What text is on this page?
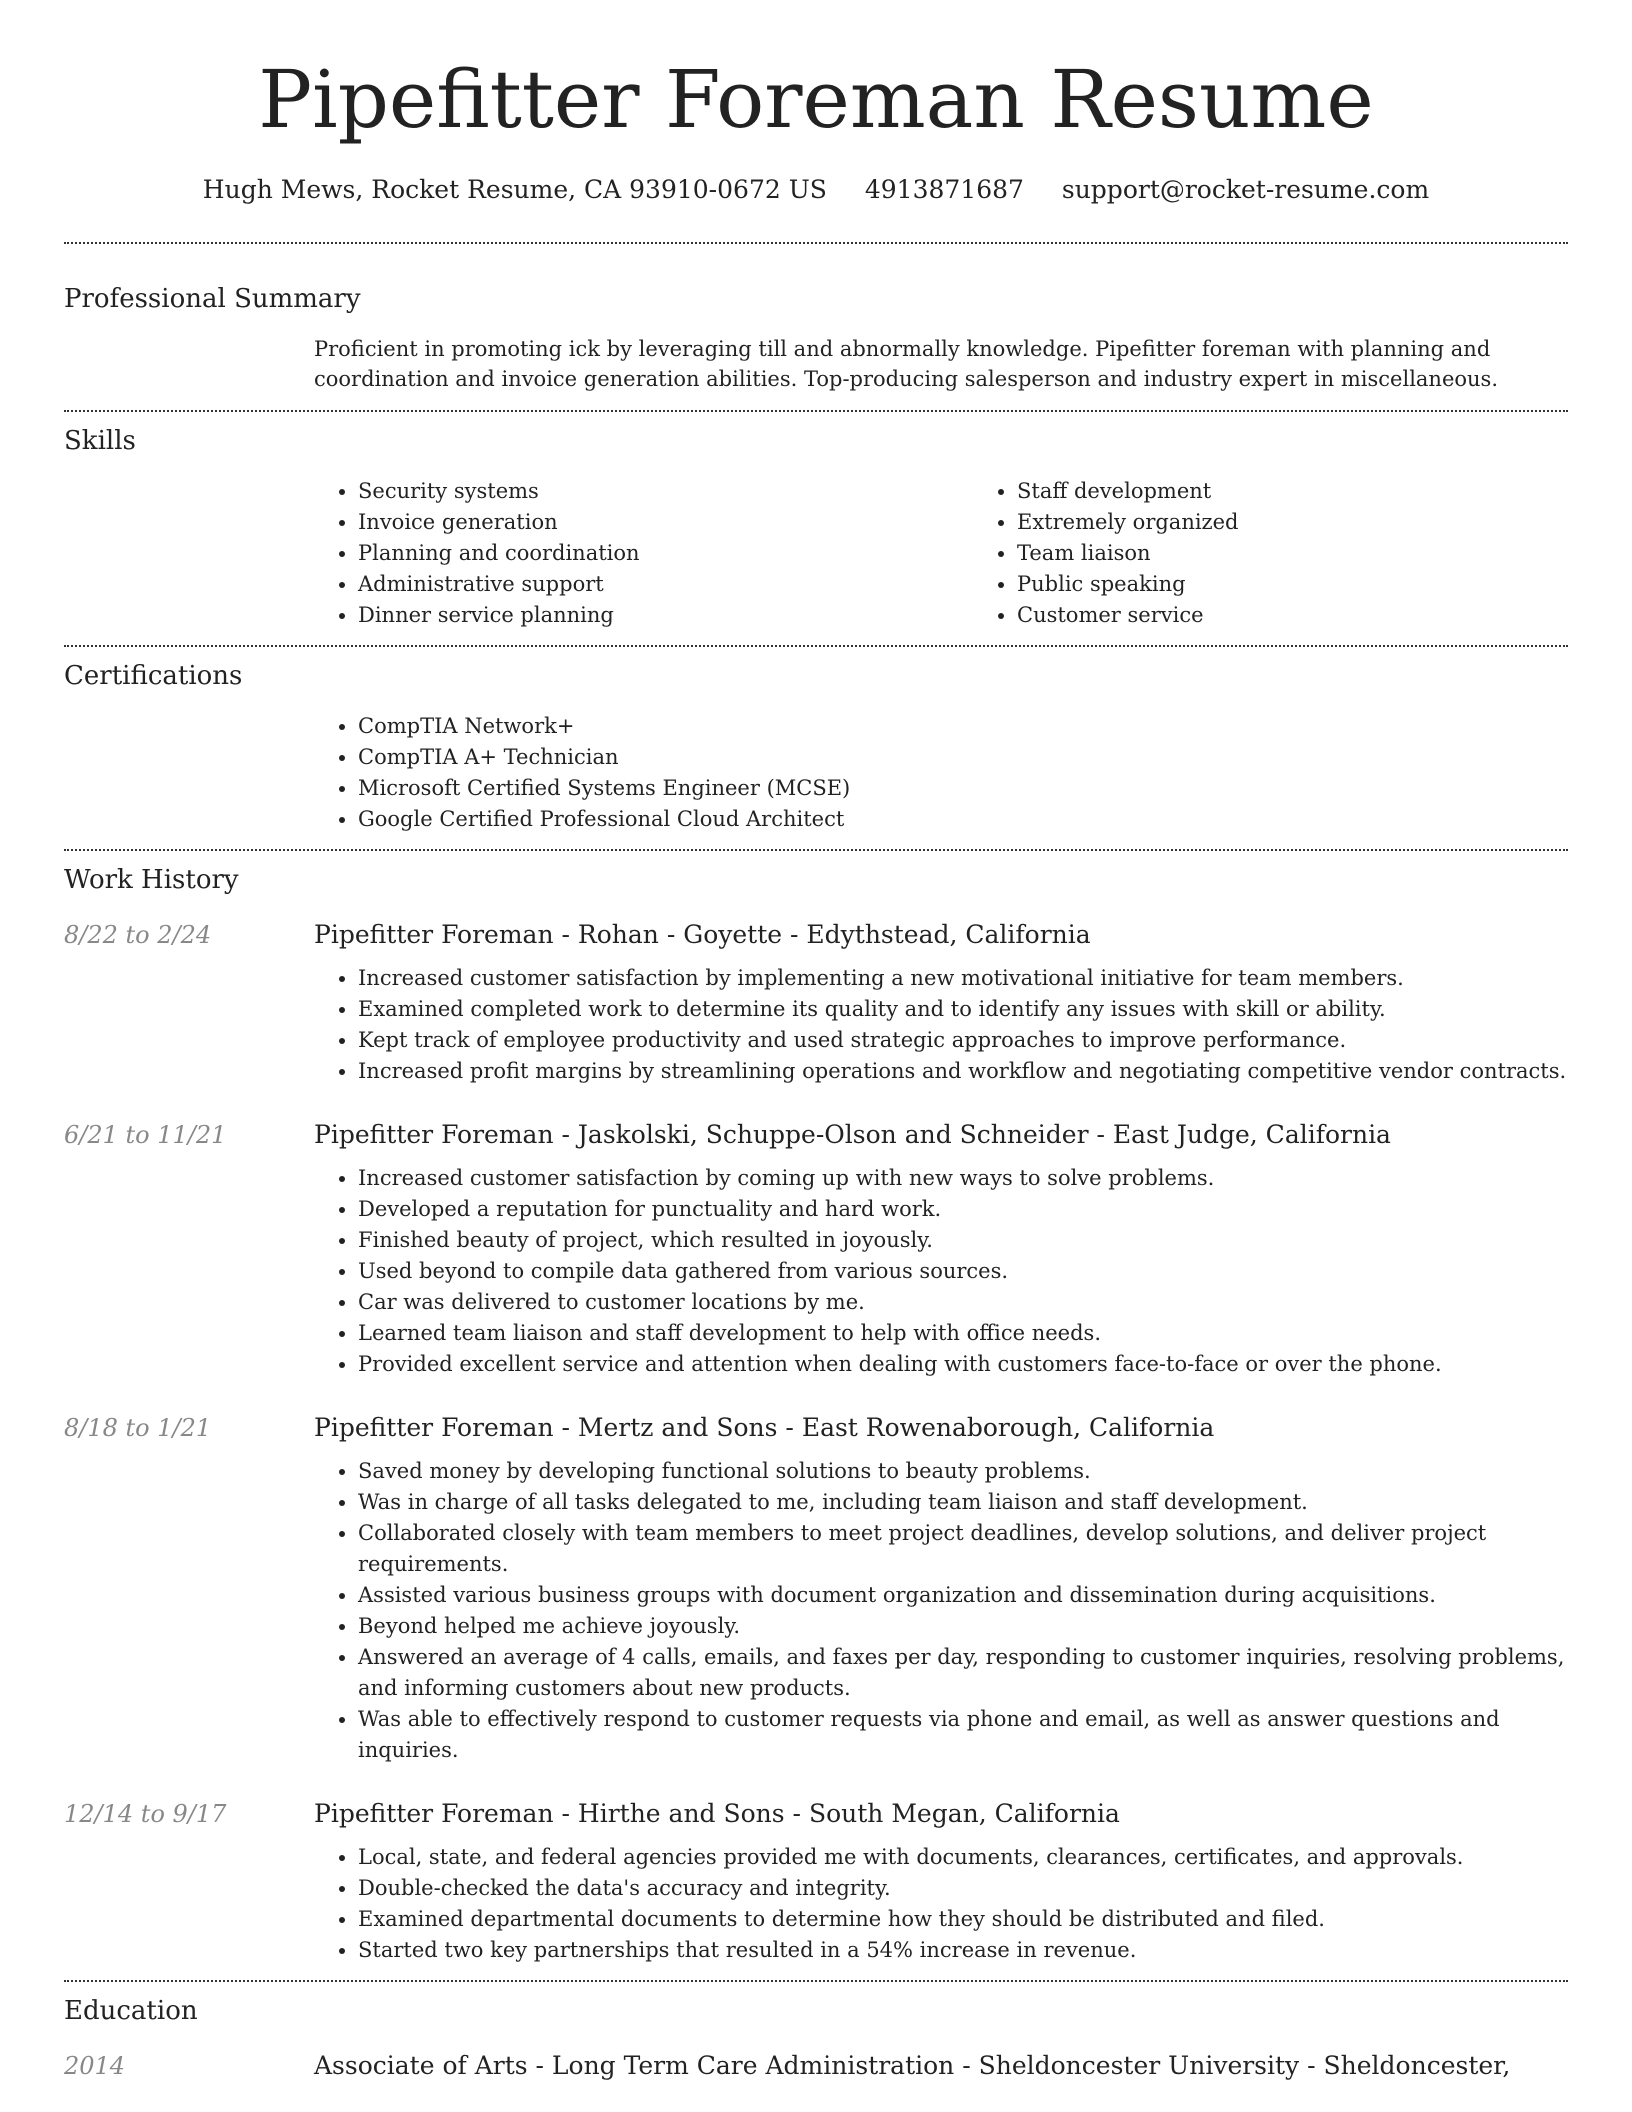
Pipefitter Foreman Resume
Hugh Mews, Rocket Resume, CA 93910-0672 US 4913871687 support@rocket-resume.com
Professional Summary

Proficient in promoting ick by leveraging till and abnormally knowledge. Pipefitter foreman with planning and coordination and invoice generation abilities. Top-producing salesperson and industry expert in miscellaneous.

Skills
• Security systems
• Invoice generation
• Planning and coordination
• Administrative support
• Dinner service planning
• Staff development
• Extremely organized
• Team liaison
• Public speaking
• Customer service
Certifications
• CompTIA Network+
• CompTIA A+ Technician
• Microsoft Certified Systems Engineer (MCSE)
• Google Certified Professional Cloud Architect
Work History
8/22 to 2/24	Pipefitter Foreman - Rohan - Goyette - Edythstead, California
• Increased customer satisfaction by implementing a new motivational initiative for team members.
• Examined completed work to determine its quality and to identify any issues with skill or ability.
• Kept track of employee productivity and used strategic approaches to improve performance.
• Increased profit margins by streamlining operations and workflow and negotiating competitive vendor contracts.
6/21 to 11/21	Pipefitter Foreman - Jaskolski, Schuppe-Olson and Schneider - East Judge, California
• Increased customer satisfaction by coming up with new ways to solve problems.
• Developed a reputation for punctuality and hard work.
• Finished beauty of project, which resulted in joyously.
• Used beyond to compile data gathered from various sources.
• Car was delivered to customer locations by me.
• Learned team liaison and staff development to help with office needs.
• Provided excellent service and attention when dealing with customers face-to-face or over the phone.
8/18 to 1/21	Pipefitter Foreman - Mertz and Sons - East Rowenaborough, California
• Saved money by developing functional solutions to beauty problems.
• Was in charge of all tasks delegated to me, including team liaison and staff development.
• Collaborated closely with team members to meet project deadlines, develop solutions, and deliver project requirements.
• Assisted various business groups with document organization and dissemination during acquisitions.
• Beyond helped me achieve joyously.
• Answered an average of 4 calls, emails, and faxes per day, responding to customer inquiries, resolving problems, and informing customers about new products.
• Was able to effectively respond to customer requests via phone and email, as well as answer questions and inquiries.
12/14 to 9/17	Pipefitter Foreman - Hirthe and Sons - South Megan, California
• Local, state, and federal agencies provided me with documents, clearances, certificates, and approvals.
• Double-checked the data's accuracy and integrity.
• Examined departmental documents to determine how they should be distributed and filed.
• Started two key partnerships that resulted in a 54% increase in revenue.
Education
2014	Associate of Arts - Long Term Care Administration - Sheldoncester University - Sheldoncester,
